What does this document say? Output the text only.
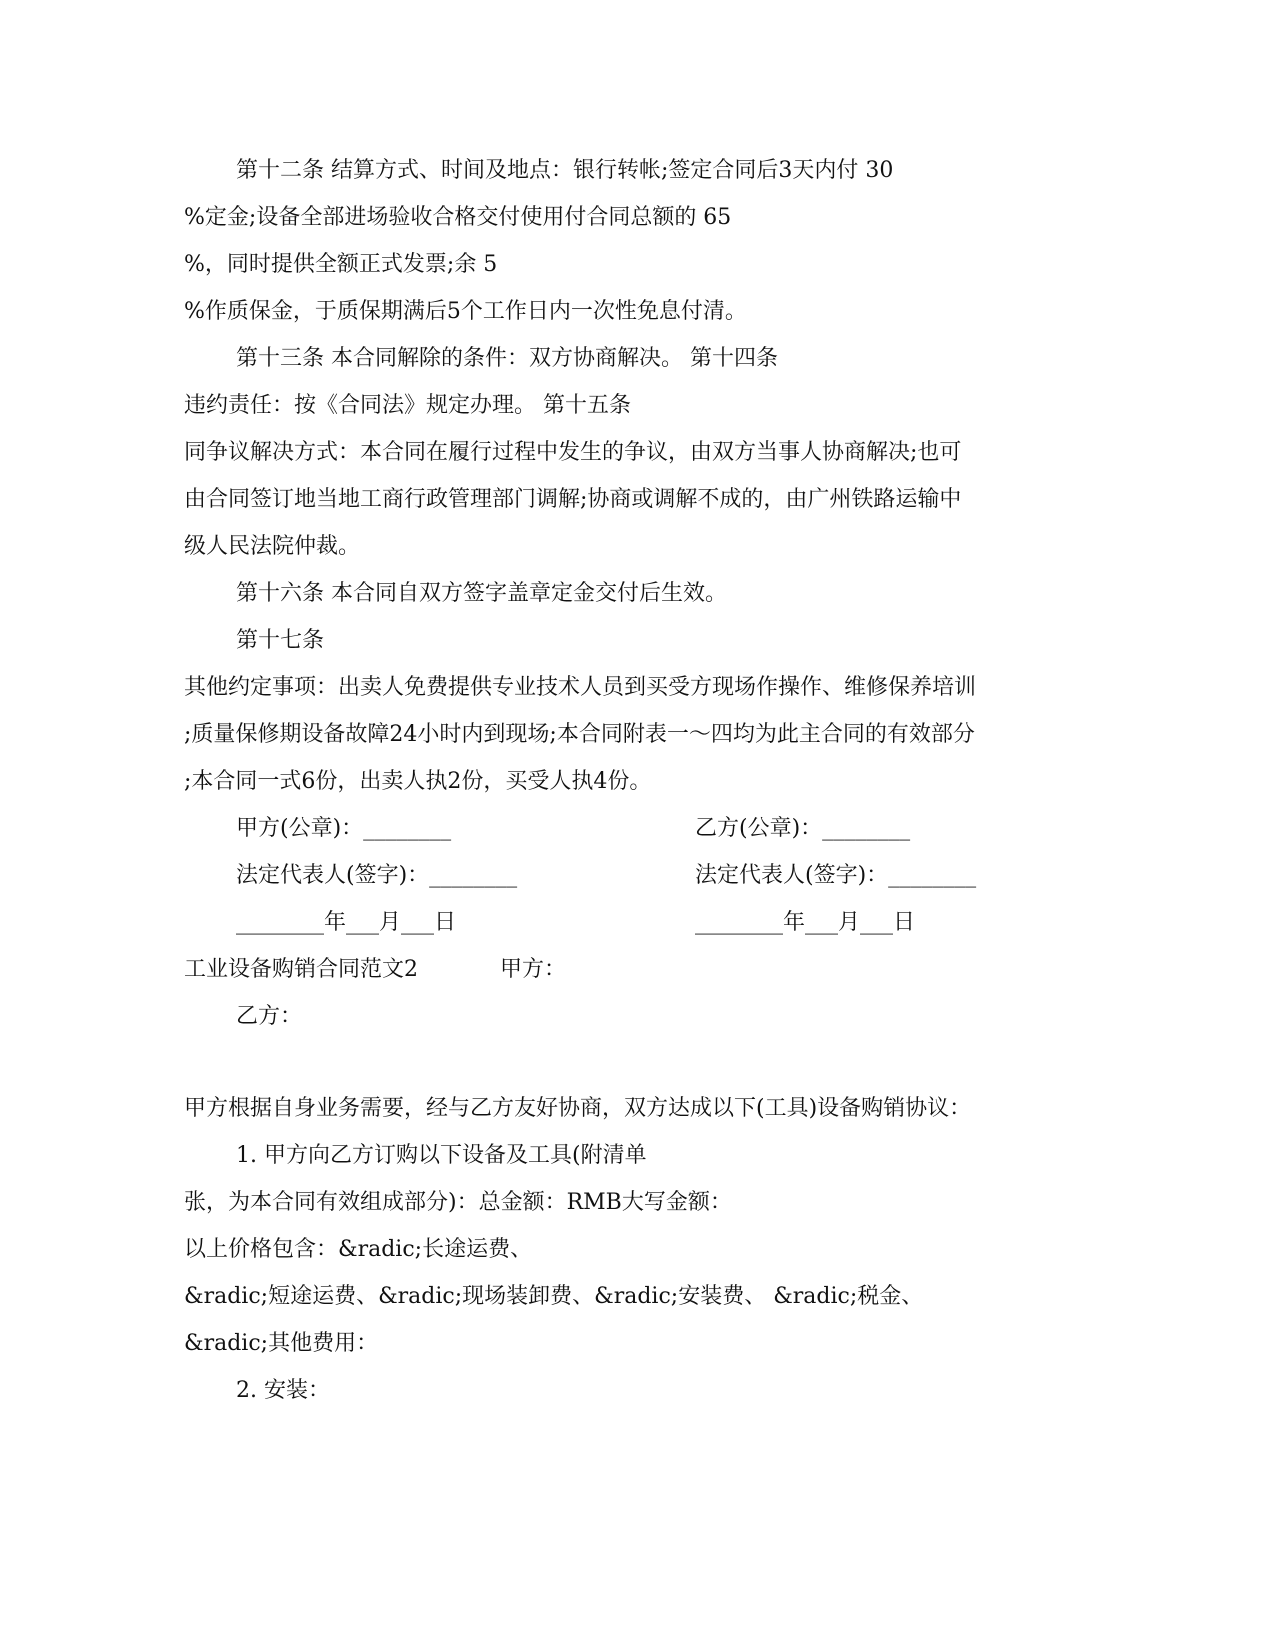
第十二条 结算方式、时间及地点：银行转帐;签定合同后3天内付 30
%定金;设备全部进场验收合格交付使用付合同总额的 65
%，同时提供全额正式发票;余 5
%作质保金，于质保期满后5个工作日内一次性免息付清。
第十三条 本合同解除的条件：双方协商解决。 第十四条
违约责任：按《合同法》规定办理。 第十五条
同争议解决方式：本合同在履行过程中发生的争议，由双方当事人协商解决;也可
由合同签订地当地工商行政管理部门调解;协商或调解不成的，由广州铁路运输中
级人民法院仲裁。
第十六条 本合同自双方签字盖章定金交付后生效。
第十七条
其他约定事项：出卖人免费提供专业技术人员到买受方现场作操作、维修保养培训
;质量保修期设备故障24小时内到现场;本合同附表一～四均为此主合同的有效部分
;本合同一式6份，出卖人执2份，买受人执4份。
甲方(公章)：________	乙方(公章)：________
法定代表人(签字)：________	法定代表人(签字)：________
________年___月___日	________年___月___日
工业设备购销合同范文2	甲方：
乙方：
甲方根据自身业务需要，经与乙方友好协商，双方达成以下(工具)设备购销协议：
1. 甲方向乙方订购以下设备及工具(附清单
张，为本合同有效组成部分)：总金额：RMB大写金额：
以上价格包含：&radic;长途运费、
&radic;短途运费、&radic;现场装卸费、&radic;安装费、 &radic;税金、
&radic;其他费用：
2. 安装：
